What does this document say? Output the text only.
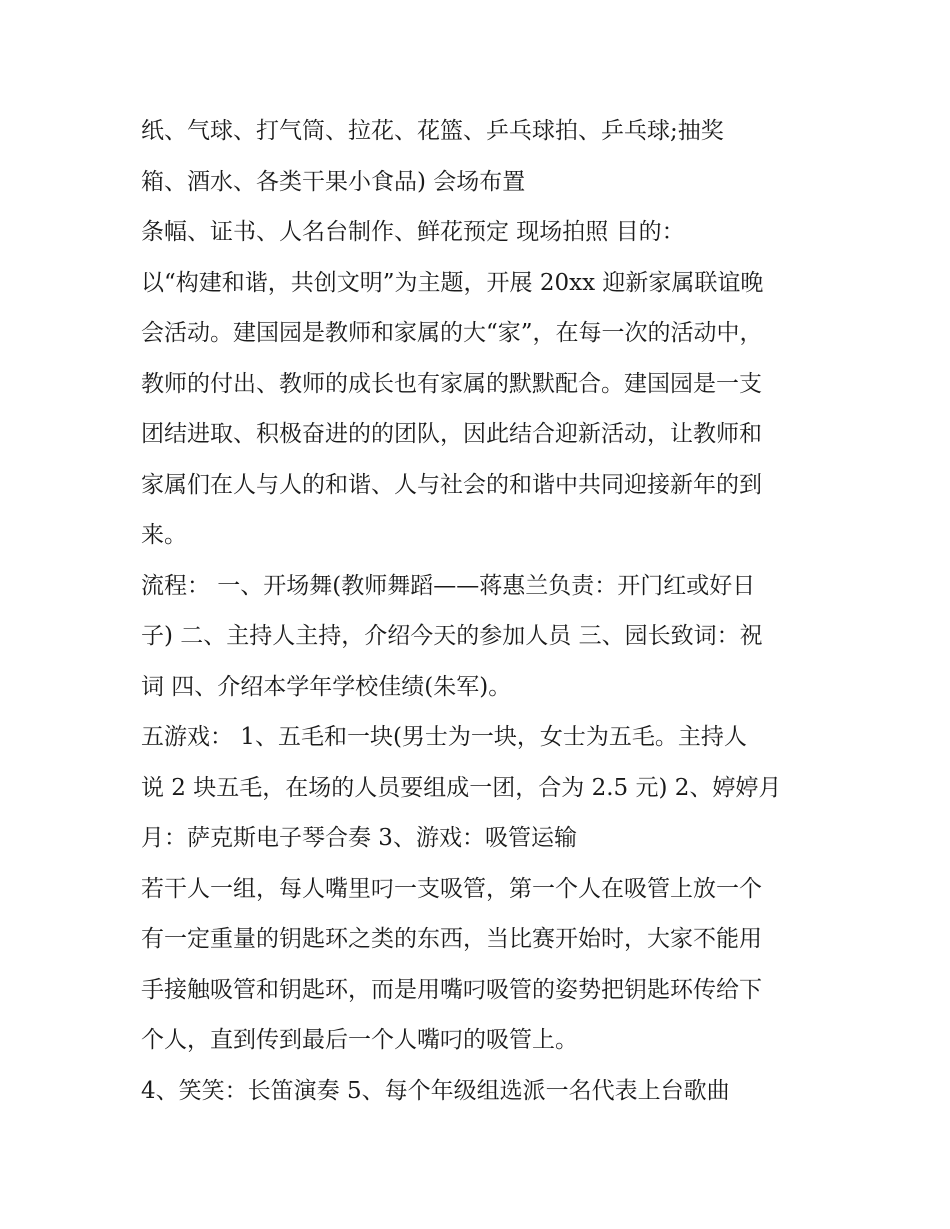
纸、气球、打气筒、拉花、花篮、乒乓球拍、乒乓球;抽奖
箱、酒水、各类干果小食品) 会场布置
条幅、证书、人名台制作、鲜花预定 现场拍照 目的：
以“构建和谐，共创文明”为主题，开展 20xx 迎新家属联谊晚
会活动。建国园是教师和家属的大“家”，在每一次的活动中，
教师的付出、教师的成长也有家属的默默配合。建国园是一支
团结进取、积极奋进的的团队，因此结合迎新活动，让教师和
家属们在人与人的和谐、人与社会的和谐中共同迎接新年的到
来。
流程： 一、开场舞(教师舞蹈——蒋惠兰负责：开门红或好日
子) 二、主持人主持，介绍今天的参加人员 三、园长致词：祝
词 四、介绍本学年学校佳绩(朱军)。
五游戏： 1、五毛和一块(男士为一块，女士为五毛。主持人
说 2 块五毛，在场的人员要组成一团，合为 2.5 元) 2、婷婷月
月：萨克斯电子琴合奏 3、游戏：吸管运输
若干人一组，每人嘴里叼一支吸管，第一个人在吸管上放一个
有一定重量的钥匙环之类的东西，当比赛开始时，大家不能用
手接触吸管和钥匙环，而是用嘴叼吸管的姿势把钥匙环传给下
个人，直到传到最后一个人嘴叼的吸管上。
4、笑笑：长笛演奏 5、每个年级组选派一名代表上台歌曲
